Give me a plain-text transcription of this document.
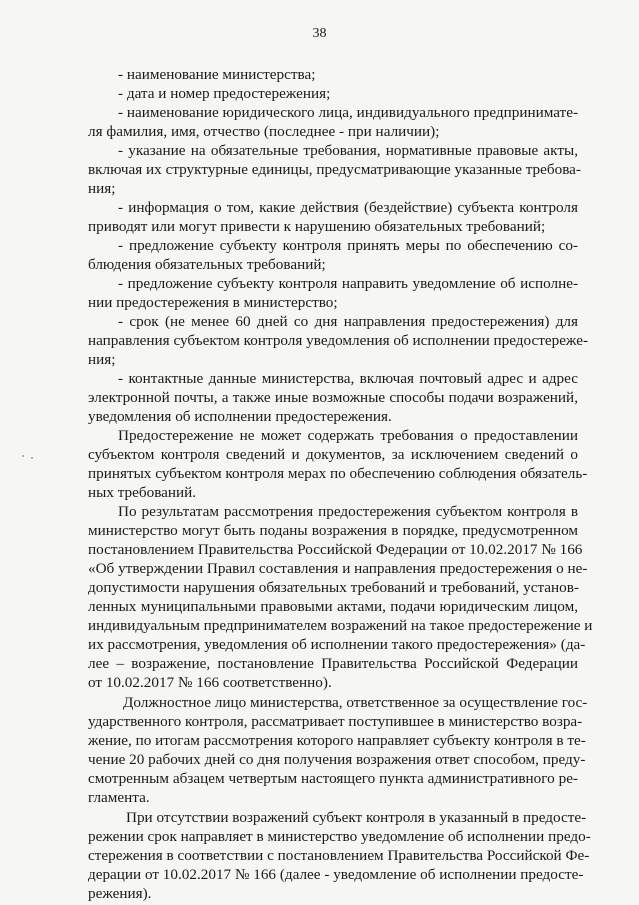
38

- наименование министерства;

- дата и номер предостережения;

- наименование юридического лица, индивидуального предпринимате-

ля фамилия, имя, отчество (последнее - при наличии);

- указание на обязательные требования, нормативные правовые акты,

включая их структурные единицы, предусматривающие указанные требова-

ния;

- информация о том, какие действия (бездействие) субъекта контроля

приводят или могут привести к нарушению обязательных требований;

- предложение субъекту контроля принять меры по обеспечению со-

блюдения обязательных требований;

- предложение субъекту контроля направить уведомление об исполне-

нии предостережения в министерство;

- срок (не менее 60 дней со дня направления предостережения) для

направления субъектом контроля уведомления об исполнении предостереже-

ния;

- контактные данные министерства, включая почтовый адрес и адрес

электронной почты, а также иные возможные способы подачи возражений,

уведомления об исполнении предостережения.

Предостережение не может содержать требования о предоставлении

субъектом контроля сведений и документов, за исключением сведений о

принятых субъектом контроля мерах по обеспечению соблюдения обязатель-

ных требований.

По результатам рассмотрения предостережения субъектом контроля в

министерство могут быть поданы возражения в порядке, предусмотренном

постановлением Правительства Российской Федерации от 10.02.2017 № 166

«Об утверждении Правил составления и направления предостережения о не-

допустимости нарушения обязательных требований и требований, установ-

ленных муниципальными правовыми актами, подачи юридическим лицом,

индивидуальным предпринимателем возражений на такое предостережение и

их рассмотрения, уведомления об исполнении такого предостережения» (да-

лее – возражение, постановление Правительства Российской Федерации

от 10.02.2017 № 166 соответственно).

Должностное лицо министерства, ответственное за осуществление гос-

ударственного контроля, рассматривает поступившее в министерство возра-

жение, по итогам рассмотрения которого направляет субъекту контроля в те-

чение 20 рабочих дней со дня получения возражения ответ способом, преду-

смотренным абзацем четвертым настоящего пункта административного ре-

гламента.

При отсутствии возражений субъект контроля в указанный в предосте-

режении срок направляет в министерство уведомление об исполнении предо-

стережения в соответствии с постановлением Правительства Российской Фе-

дерации от 10.02.2017 № 166 (далее - уведомление об исполнении предосте-

режения).
